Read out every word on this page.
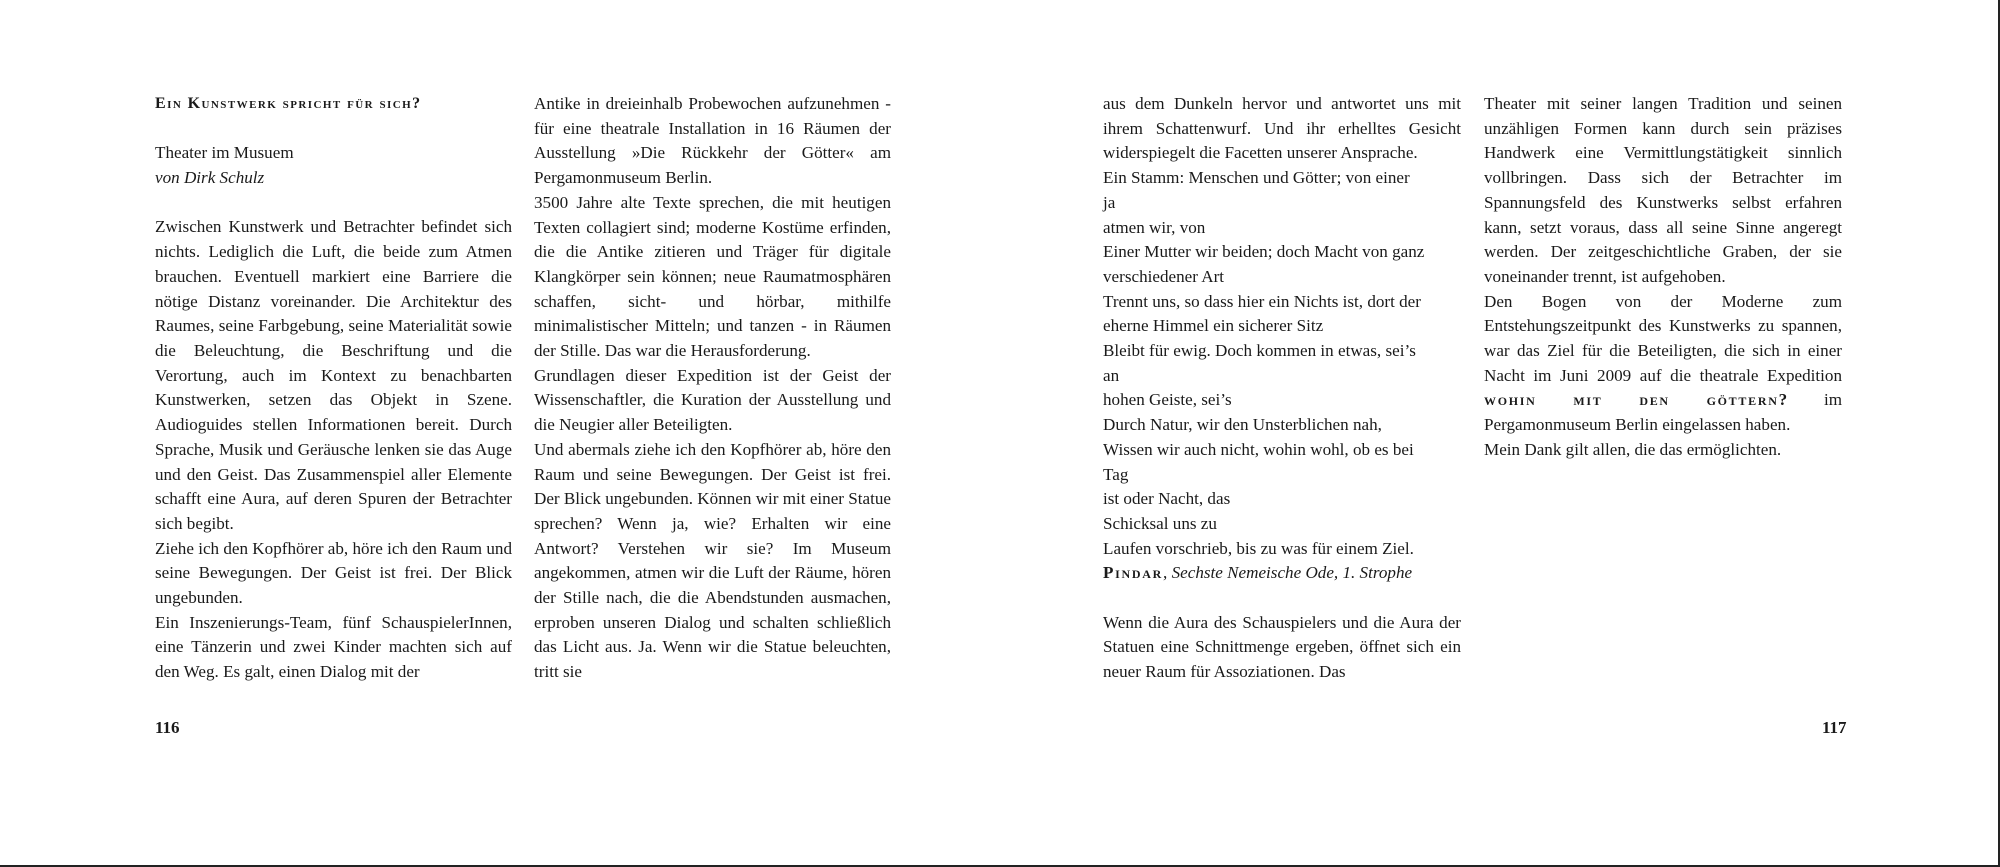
Ein Kunstwerk spricht für sich?

Theater im Musuem

von Dirk Schulz

Zwischen Kunstwerk und Betrachter befindet sich nichts. Lediglich die Luft, die beide zum Atmen brauchen. Eventuell markiert eine Barriere die nötige Distanz voreinander. Die Architektur des Raumes, seine Farbgebung, seine Materialität sowie die Beleuchtung, die Beschriftung und die Verortung, auch im Kontext zu benachbarten Kunstwerken, setzen das Objekt in Szene. Audioguides stellen Informationen bereit. Durch Sprache, Musik und Geräusche lenken sie das Auge und den Geist. Das Zusammenspiel aller Elemente schafft eine Aura, auf deren Spuren der Betrachter sich begibt.

Ziehe ich den Kopfhörer ab, höre ich den Raum und seine Bewegungen. Der Geist ist frei. Der Blick ungebunden.

Ein Inszenierungs-Team, fünf SchauspielerInnen, eine Tänzerin und zwei Kinder machten sich auf den Weg. Es galt, einen Dialog mit der

Antike in dreieinhalb Probewochen aufzunehmen - für eine theatrale Installation in 16 Räumen der Ausstellung »Die Rückkehr der Götter« am Pergamonmuseum Berlin.

3500 Jahre alte Texte sprechen, die mit heutigen Texten collagiert sind; moderne Kostüme erfinden, die die Antike zitieren und Träger für digitale Klangkörper sein können; neue Raumatmosphären schaffen, sicht- und hörbar, mithilfe minimalistischer Mitteln; und tanzen - in Räumen der Stille. Das war die Herausforderung.

Grundlagen dieser Expedition ist der Geist der Wissenschaftler, die Kuration der Ausstellung und die Neugier aller Beteiligten.

Und abermals ziehe ich den Kopfhörer ab, höre den Raum und seine Bewegungen. Der Geist ist frei. Der Blick ungebunden. Können wir mit einer Statue sprechen? Wenn ja, wie? Erhalten wir eine Antwort? Verstehen wir sie? Im Museum angekommen, atmen wir die Luft der Räume, hören der Stille nach, die die Abendstunden ausmachen, erproben unseren Dialog und schalten schließlich das Licht aus. Ja. Wenn wir die Statue beleuchten, tritt sie

116

aus dem Dunkeln hervor und antwortet uns mit ihrem Schattenwurf. Und ihr erhelltes Gesicht widerspiegelt die Facetten unserer Ansprache.

Ein Stamm: Menschen und Götter; von einer
ja
atmen wir, von
Einer Mutter wir beiden; doch Macht von ganz
verschiedener Art
Trennt uns, so dass hier ein Nichts ist, dort der
eherne Himmel ein sicherer Sitz
Bleibt für ewig. Doch kommen in etwas, sei’s
an
hohen Geiste, sei’s
Durch Natur, wir den Unsterblichen nah,
Wissen wir auch nicht, wohin wohl, ob es bei
Tag
ist oder Nacht, das
Schicksal uns zu
Laufen vorschrieb, bis zu was für einem Ziel.

Pindar, Sechste Nemeische Ode, 1. Strophe

Wenn die Aura des Schauspielers und die Aura der Statuen eine Schnittmenge ergeben, öffnet sich ein neuer Raum für Assoziationen. Das

Theater mit seiner langen Tradition und seinen unzähligen Formen kann durch sein präzises Handwerk eine Vermittlungstätigkeit sinnlich vollbringen. Dass sich der Betrachter im Spannungsfeld des Kunstwerks selbst erfahren kann, setzt voraus, dass all seine Sinne angeregt werden. Der zeitgeschichtliche Graben, der sie voneinander trennt, ist aufgehoben.

Den Bogen von der Moderne zum Entstehungszeitpunkt des Kunstwerks zu spannen, war das Ziel für die Beteiligten, die sich in einer Nacht im Juni 2009 auf die theatrale Expedition wohin mit den göttern? im Pergamonmuseum Berlin eingelassen haben.

Mein Dank gilt allen, die das ermöglichten.

117
